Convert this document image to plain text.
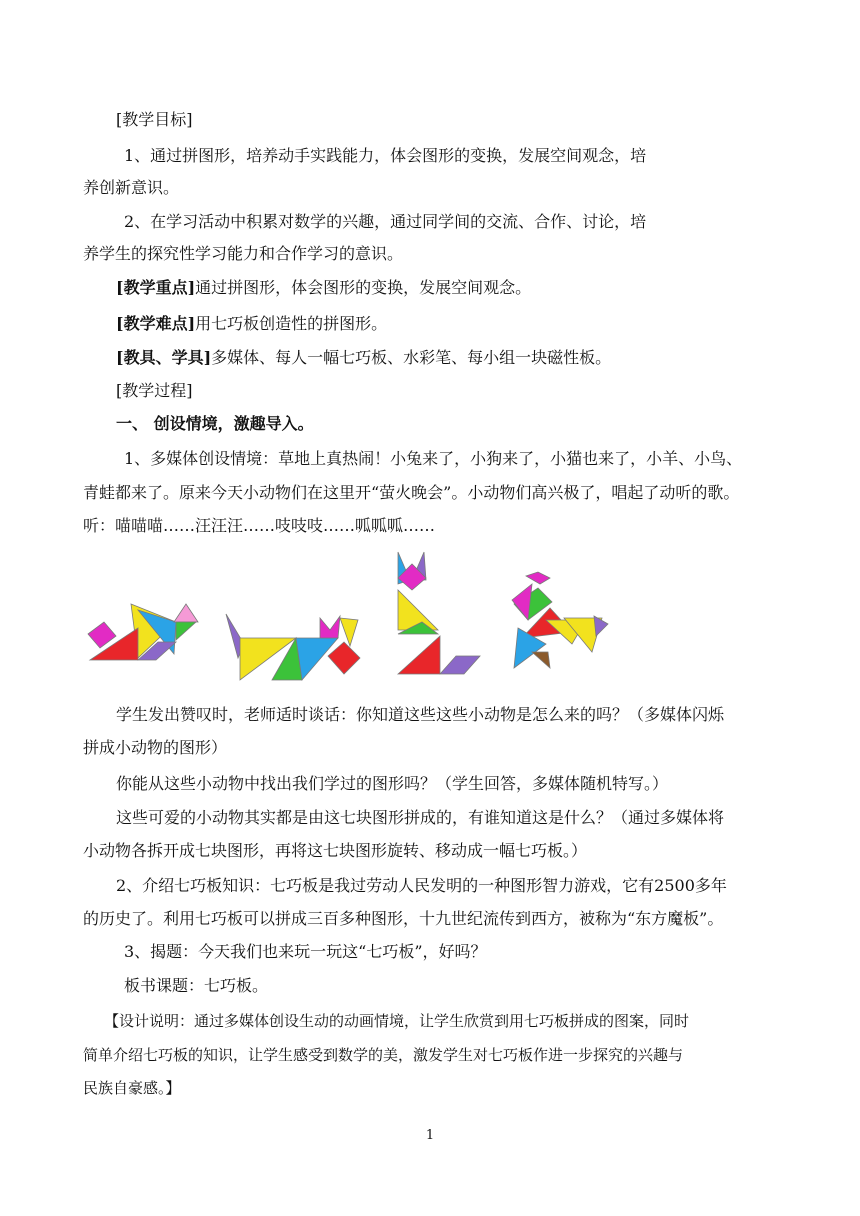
[教学目标]

1、通过拼图形，培养动手实践能力，体会图形的变换，发展空间观念，培

养创新意识。

2、在学习活动中积累对数学的兴趣，通过同学间的交流、合作、讨论，培

养学生的探究性学习能力和合作学习的意识。

[教学重点]通过拼图形，体会图形的变换，发展空间观念。

[教学难点]用七巧板创造性的拼图形。

[教具、学具]多媒体、每人一幅七巧板、水彩笔、每小组一块磁性板。

[教学过程]

一、 创设情境，激趣导入。

1、多媒体创设情境：草地上真热闹！小兔来了，小狗来了，小猫也来了，小羊、小鸟、

青蛙都来了。原来今天小动物们在这里开“萤火晚会”。小动物们高兴极了，唱起了动听的歌。

听：喵喵喵……汪汪汪……吱吱吱……呱呱呱……

学生发出赞叹时，老师适时谈话：你知道这些这些小动物是怎么来的吗？（多媒体闪烁

拼成小动物的图形）

你能从这些小动物中找出我们学过的图形吗？（学生回答，多媒体随机特写。）

这些可爱的小动物其实都是由这七块图形拼成的，有谁知道这是什么？（通过多媒体将

小动物各拆开成七块图形，再将这七块图形旋转、移动成一幅七巧板。）

2、介绍七巧板知识：七巧板是我过劳动人民发明的一种图形智力游戏，它有2500多年

的历史了。利用七巧板可以拼成三百多种图形，十九世纪流传到西方，被称为“东方魔板”。

3、揭题：今天我们也来玩一玩这“七巧板”，好吗？

板书课题：七巧板。

【设计说明：通过多媒体创设生动的动画情境，让学生欣赏到用七巧板拼成的图案，同时

简单介绍七巧板的知识，让学生感受到数学的美，激发学生对七巧板作进一步探究的兴趣与

民族自豪感。】

1
